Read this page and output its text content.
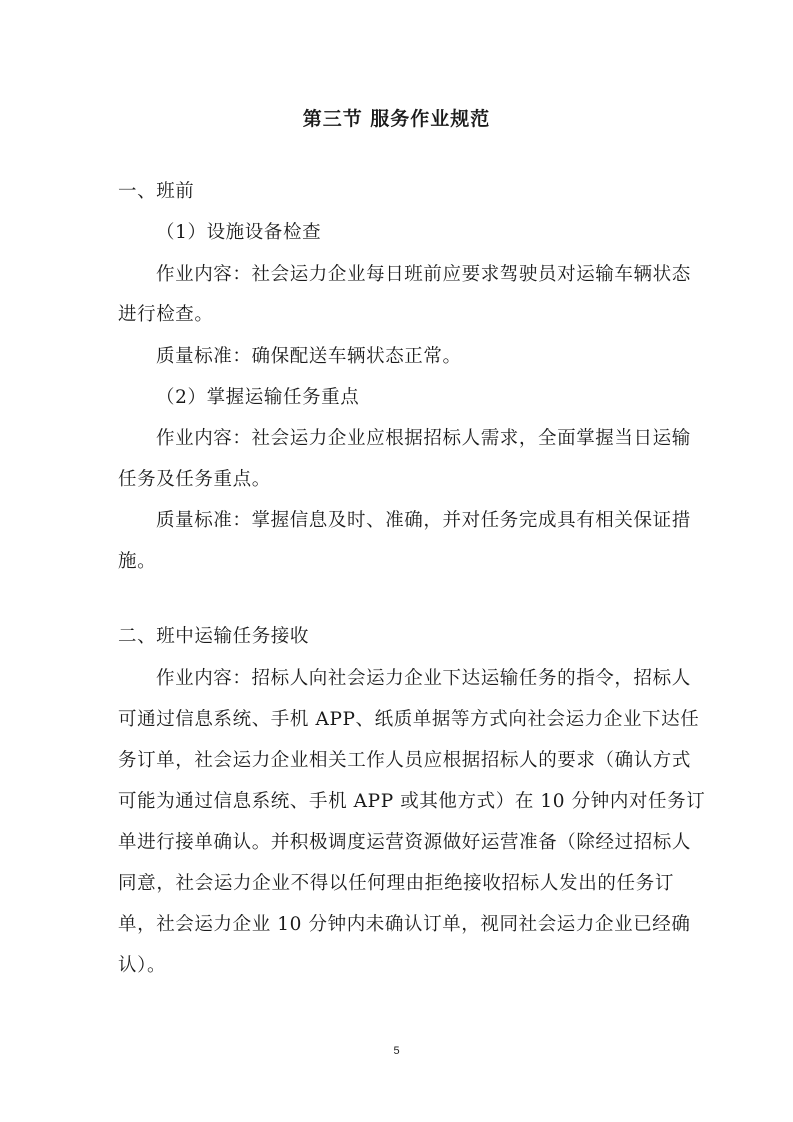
第三节 服务作业规范
一、班前
（1）设施设备检查
作业内容：社会运力企业每日班前应要求驾驶员对运输车辆状态
进行检查。
质量标准：确保配送车辆状态正常。
（2）掌握运输任务重点
作业内容：社会运力企业应根据招标人需求，全面掌握当日运输
任务及任务重点。
质量标准：掌握信息及时、准确，并对任务完成具有相关保证措
施。
二、班中运输任务接收
作业内容：招标人向社会运力企业下达运输任务的指令，招标人
可通过信息系统、手机 APP、纸质单据等方式向社会运力企业下达任
务订单，社会运力企业相关工作人员应根据招标人的要求（确认方式
可能为通过信息系统、手机 APP 或其他方式）在 10 分钟内对任务订
单进行接单确认。并积极调度运营资源做好运营准备（除经过招标人
同意，社会运力企业不得以任何理由拒绝接收招标人发出的任务订
单，社会运力企业 10 分钟内未确认订单，视同社会运力企业已经确
认）。
5
